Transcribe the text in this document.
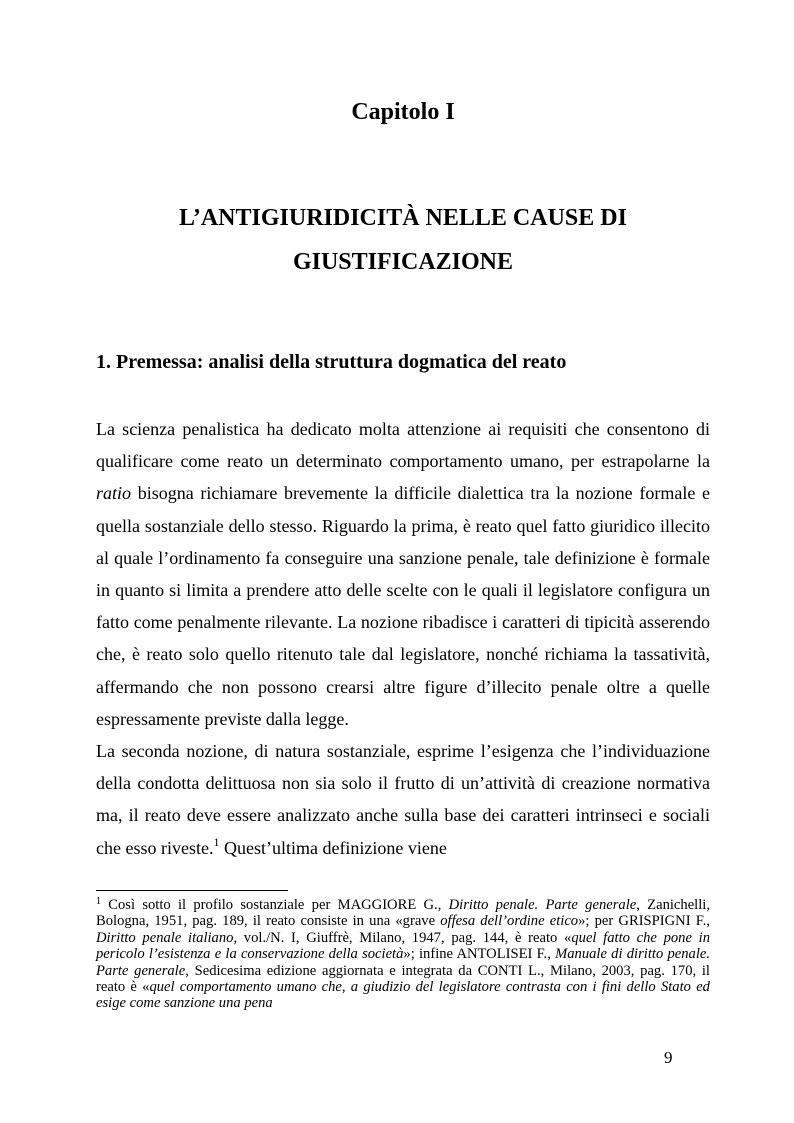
Capitolo I
L’ANTIGIURIDICITÀ NELLE CAUSE DI
GIUSTIFICAZIONE
1. Premessa: analisi della struttura dogmatica del reato

La scienza penalistica ha dedicato molta attenzione ai requisiti che consentono di qualificare come reato un determinato comportamento umano, per estrapolarne la ratio bisogna richiamare brevemente la difficile dialettica tra la nozione formale e quella sostanziale dello stesso. Riguardo la prima, è reato quel fatto giuridico illecito al quale l’ordinamento fa conseguire una sanzione penale, tale definizione è formale in quanto si limita a prendere atto delle scelte con le quali il legislatore configura un fatto come penalmente rilevante. La nozione ribadisce i caratteri di tipicità asserendo che, è reato solo quello ritenuto tale dal legislatore, nonché richiama la tassatività, affermando che non possono crearsi altre figure d’illecito penale oltre a quelle espressamente previste dalla legge.

La seconda nozione, di natura sostanziale, esprime l’esigenza che l’individuazione della condotta delittuosa non sia solo il frutto di un’attività di creazione normativa ma, il reato deve essere analizzato anche sulla base dei caratteri intrinseci e sociali che esso riveste.$^1$ Quest’ultima definizione viene

$^1$ Così sotto il profilo sostanziale per MAGGIORE G., Diritto penale. Parte generale, Zanichelli, Bologna, 1951, pag. 189, il reato consiste in una «grave offesa dell’ordine etico»; per GRISPIGNI F., Diritto penale italiano, vol./N. I, Giuffrè, Milano, 1947, pag. 144, è reato «quel fatto che pone in pericolo l’esistenza e la conservazione della società»; infine ANTOLISEI F., Manuale di diritto penale. Parte generale, Sedicesima edizione aggiornata e integrata da CONTI L., Milano, 2003, pag. 170, il reato è «quel comportamento umano che, a giudizio del legislatore contrasta con i fini dello Stato ed esige come sanzione una pena

9
